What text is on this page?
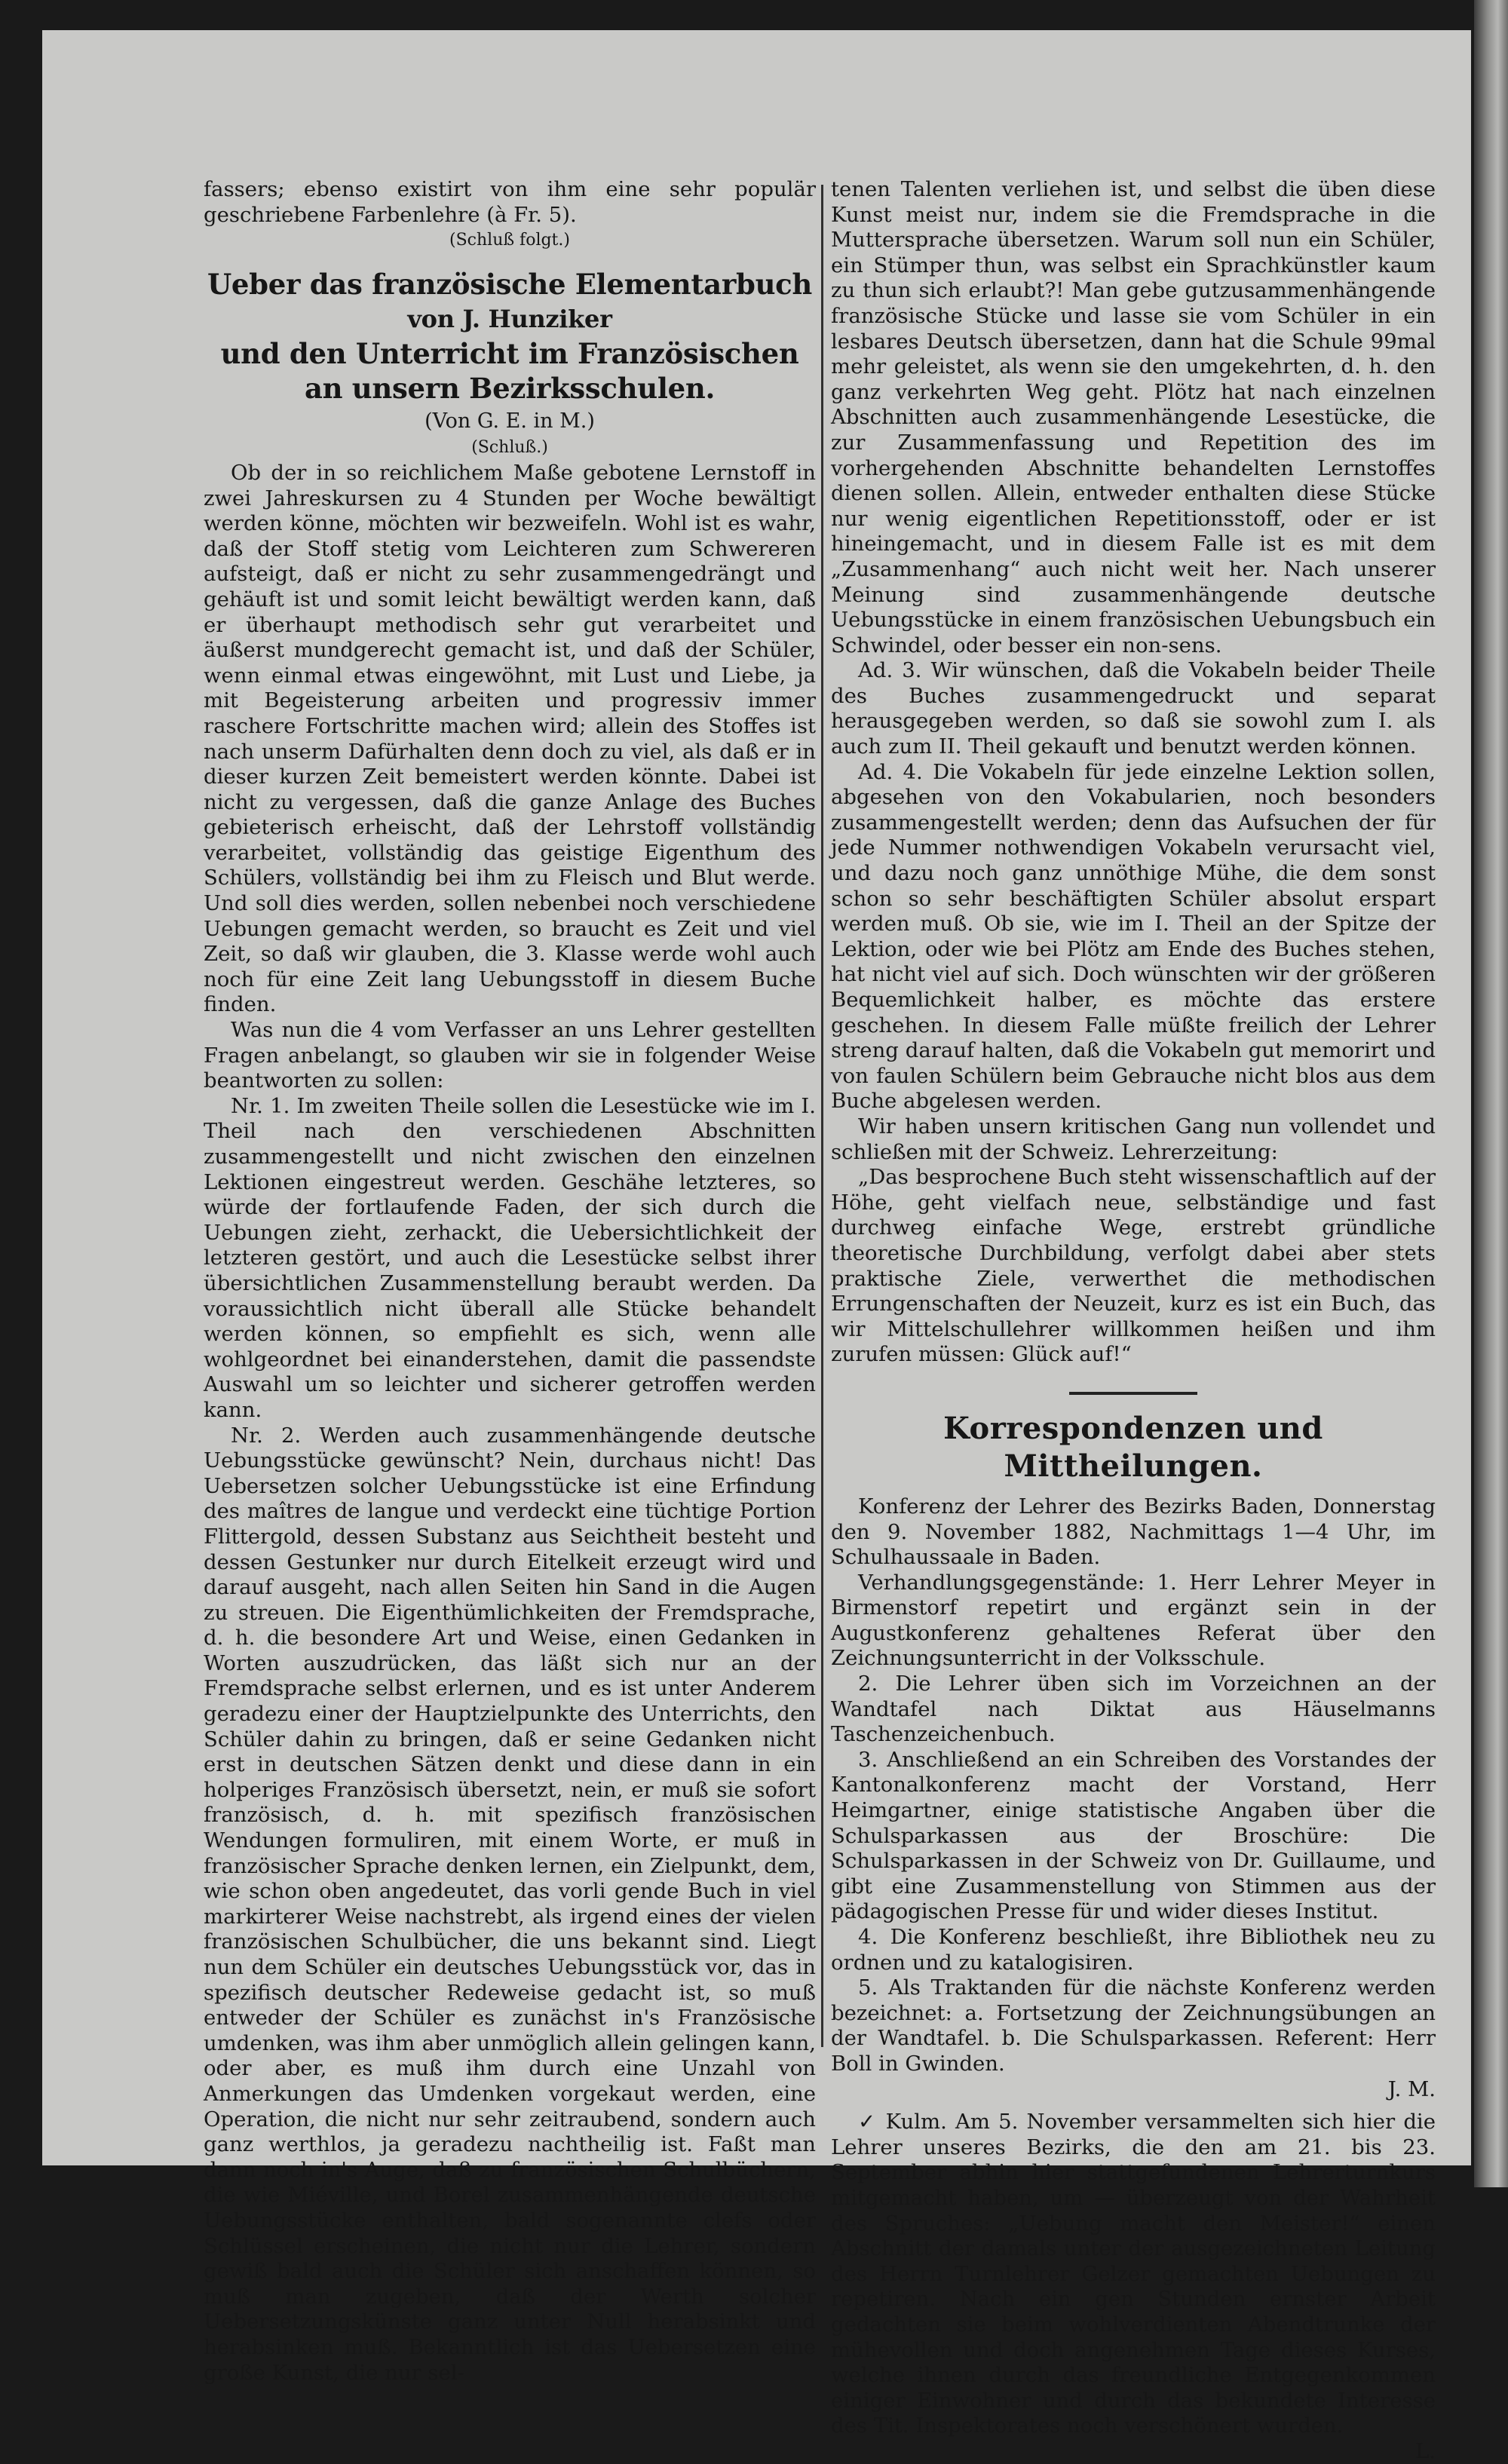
fassers; ebenso existirt von ihm eine sehr populär geschriebene Farbenlehre (à Fr. 5).

(Schluß folgt.)

Ueber das französische Elementarbuch
von J. Hunziker
und den Unterricht im Französischen an unsern Bezirksschulen.
(Von G. E. in M.)

(Schluß.)

Ob der in so reichlichem Maße gebotene Lernstoff in zwei Jahreskursen zu 4 Stunden per Woche bewältigt werden könne, möchten wir bezweifeln. Wohl ist es wahr, daß der Stoff stetig vom Leichteren zum Schwereren aufsteigt, daß er nicht zu sehr zusammengedrängt und gehäuft ist und somit leicht bewältigt werden kann, daß er überhaupt methodisch sehr gut verarbeitet und äußerst mundgerecht gemacht ist, und daß der Schüler, wenn einmal etwas eingewöhnt, mit Lust und Liebe, ja mit Begeisterung arbeiten und progressiv immer raschere Fortschritte machen wird; allein des Stoffes ist nach unserm Dafürhalten denn doch zu viel, als daß er in dieser kurzen Zeit bemeistert werden könnte. Dabei ist nicht zu vergessen, daß die ganze Anlage des Buches gebieterisch erheischt, daß der Lehrstoff vollständig verarbeitet, vollständig das geistige Eigenthum des Schülers, vollständig bei ihm zu Fleisch und Blut werde. Und soll dies werden, sollen nebenbei noch verschiedene Uebungen gemacht werden, so braucht es Zeit und viel Zeit, so daß wir glauben, die 3. Klasse werde wohl auch noch für eine Zeit lang Uebungsstoff in diesem Buche finden.

Was nun die 4 vom Verfasser an uns Lehrer gestellten Fragen anbelangt, so glauben wir sie in folgender Weise beantworten zu sollen:

Nr. 1. Im zweiten Theile sollen die Lesestücke wie im I. Theil nach den verschiedenen Abschnitten zusammengestellt und nicht zwischen den einzelnen Lektionen eingestreut werden. Geschähe letzteres, so würde der fortlaufende Faden, der sich durch die Uebungen zieht, zerhackt, die Uebersichtlichkeit der letzteren gestört, und auch die Lesestücke selbst ihrer übersichtlichen Zusammenstellung beraubt werden. Da voraussichtlich nicht überall alle Stücke behandelt werden können, so empfiehlt es sich, wenn alle wohlgeordnet bei einanderstehen, damit die passendste Auswahl um so leichter und sicherer getroffen werden kann.

Nr. 2. Werden auch zusammenhängende deutsche Uebungsstücke gewünscht? Nein, durchaus nicht! Das Uebersetzen solcher Uebungsstücke ist eine Erfindung des maîtres de langue und verdeckt eine tüchtige Portion Flittergold, dessen Substanz aus Seichtheit besteht und dessen Gestunker nur durch Eitelkeit erzeugt wird und darauf ausgeht, nach allen Seiten hin Sand in die Augen zu streuen. Die Eigenthümlichkeiten der Fremdsprache, d. h. die besondere Art und Weise, einen Gedanken in Worten auszudrücken, das läßt sich nur an der Fremdsprache selbst erlernen, und es ist unter Anderem geradezu einer der Hauptzielpunkte des Unterrichts, den Schüler dahin zu bringen, daß er seine Gedanken nicht erst in deutschen Sätzen denkt und diese dann in ein holperiges Französisch übersetzt, nein, er muß sie sofort französisch, d. h. mit spezifisch französischen Wendungen formuliren, mit einem Worte, er muß in französischer Sprache denken lernen, ein Zielpunkt, dem, wie schon oben angedeutet, das vorli gende Buch in viel markirterer Weise nachstrebt, als irgend eines der vielen französischen Schulbücher, die uns bekannt sind. Liegt nun dem Schüler ein deutsches Uebungsstück vor, das in spezifisch deutscher Redeweise gedacht ist, so muß entweder der Schüler es zunächst in's Französische umdenken, was ihm aber unmöglich allein gelingen kann, oder aber, es muß ihm durch eine Unzahl von Anmerkungen das Umdenken vorgekaut werden, eine Operation, die nicht nur sehr zeitraubend, sondern auch ganz werthlos, ja geradezu nachtheilig ist. Faßt man dann noch in's Auge, daß zu französischen Schulbüchern, die wie Miéville, und Borel zusammenhängende deutsche Uebungsstücke enthalten, bald sogenannte clefs oder Schlüssel erscheinen, die nicht nur die Lehrer, sondern gewiß bald auch die Schüler sich anschaffen können, so muß man zugeben, daß der Werth solcher Uebersetzungskünste ganz unter Null herabsinkt und herabsinken muß. Bekanntlich ist das Uebersetzen eine große Kunst, die nur sel-

tenen Talenten verliehen ist, und selbst die üben diese Kunst meist nur, indem sie die Fremdsprache in die Muttersprache übersetzen. Warum soll nun ein Schüler, ein Stümper thun, was selbst ein Sprachkünstler kaum zu thun sich erlaubt?! Man gebe gutzusammenhängende französische Stücke und lasse sie vom Schüler in ein lesbares Deutsch übersetzen, dann hat die Schule 99mal mehr geleistet, als wenn sie den umgekehrten, d. h. den ganz verkehrten Weg geht. Plötz hat nach einzelnen Abschnitten auch zusammenhängende Lesestücke, die zur Zusammenfassung und Repetition des im vorhergehenden Abschnitte behandelten Lernstoffes dienen sollen. Allein, entweder enthalten diese Stücke nur wenig eigentlichen Repetitionsstoff, oder er ist hineingemacht, und in diesem Falle ist es mit dem „Zusammenhang“ auch nicht weit her. Nach unserer Meinung sind zusammenhängende deutsche Uebungsstücke in einem französischen Uebungsbuch ein Schwindel, oder besser ein non-sens.

Ad. 3. Wir wünschen, daß die Vokabeln beider Theile des Buches zusammengedruckt und separat herausgegeben werden, so daß sie sowohl zum I. als auch zum II. Theil gekauft und benutzt werden können.

Ad. 4. Die Vokabeln für jede einzelne Lektion sollen, abgesehen von den Vokabularien, noch besonders zusammengestellt werden; denn das Aufsuchen der für jede Nummer nothwendigen Vokabeln verursacht viel, und dazu noch ganz unnöthige Mühe, die dem sonst schon so sehr beschäftigten Schüler absolut erspart werden muß. Ob sie, wie im I. Theil an der Spitze der Lektion, oder wie bei Plötz am Ende des Buches stehen, hat nicht viel auf sich. Doch wünschten wir der größeren Bequemlichkeit halber, es möchte das erstere geschehen. In diesem Falle müßte freilich der Lehrer streng darauf halten, daß die Vokabeln gut memorirt und von faulen Schülern beim Gebrauche nicht blos aus dem Buche abgelesen werden.

Wir haben unsern kritischen Gang nun vollendet und schließen mit der Schweiz. Lehrerzeitung:

„Das besprochene Buch steht wissenschaftlich auf der Höhe, geht vielfach neue, selbständige und fast durchweg einfache Wege, erstrebt gründliche theoretische Durchbildung, verfolgt dabei aber stets praktische Ziele, verwerthet die methodischen Errungenschaften der Neuzeit, kurz es ist ein Buch, das wir Mittelschullehrer willkommen heißen und ihm zurufen müssen: Glück auf!“

Korrespondenzen und Mittheilungen.

Konferenz der Lehrer des Bezirks Baden, Donnerstag den 9. November 1882, Nachmittags 1—4 Uhr, im Schulhaussaale in Baden.

Verhandlungsgegenstände: 1. Herr Lehrer Meyer in Birmenstorf repetirt und ergänzt sein in der Augustkonferenz gehaltenes Referat über den Zeichnungsunterricht in der Volksschule.

2. Die Lehrer üben sich im Vorzeichnen an der Wandtafel nach Diktat aus Häuselmanns Taschenzeichenbuch.

3. Anschließend an ein Schreiben des Vorstandes der Kantonalkonferenz macht der Vorstand, Herr Heimgartner, einige statistische Angaben über die Schulsparkassen aus der Broschüre: Die Schulsparkassen in der Schweiz von Dr. Guillaume, und gibt eine Zusammenstellung von Stimmen aus der pädagogischen Presse für und wider dieses Institut.

4. Die Konferenz beschließt, ihre Bibliothek neu zu ordnen und zu katalogisiren.

5. Als Traktanden für die nächste Konferenz werden bezeichnet: a. Fortsetzung der Zeichnungsübungen an der Wandtafel. b. Die Schulsparkassen. Referent: Herr Boll in Gwinden.

J. M.

✓ Kulm. Am 5. November versammelten sich hier die Lehrer unseres Bezirks, die den am 21. bis 23. September abhin hier stattgefundenen Lehrerturnkurs mitgemacht haben, um — überzeugt von der Wahrheit des Spruches: „Uebung macht den Meister!“ einen Abschnitt der damals unter der ausgezeichneten Leitung des Herrn Turnlehrer Gelzer gemachten Uebungen zu repetiren. Nach ein gen Stunden ernster Arbeit gedachten sie beim wohlverdienten Abendtrunke der mühevollen und doch angenehmen Tage dieses Kurses, welche ihnen durch das freundliche Entgegenkommen einiger Einwohner und durch das bekundete Interesse des Tit. Inspektorates noch verschönert wurden.

L.
